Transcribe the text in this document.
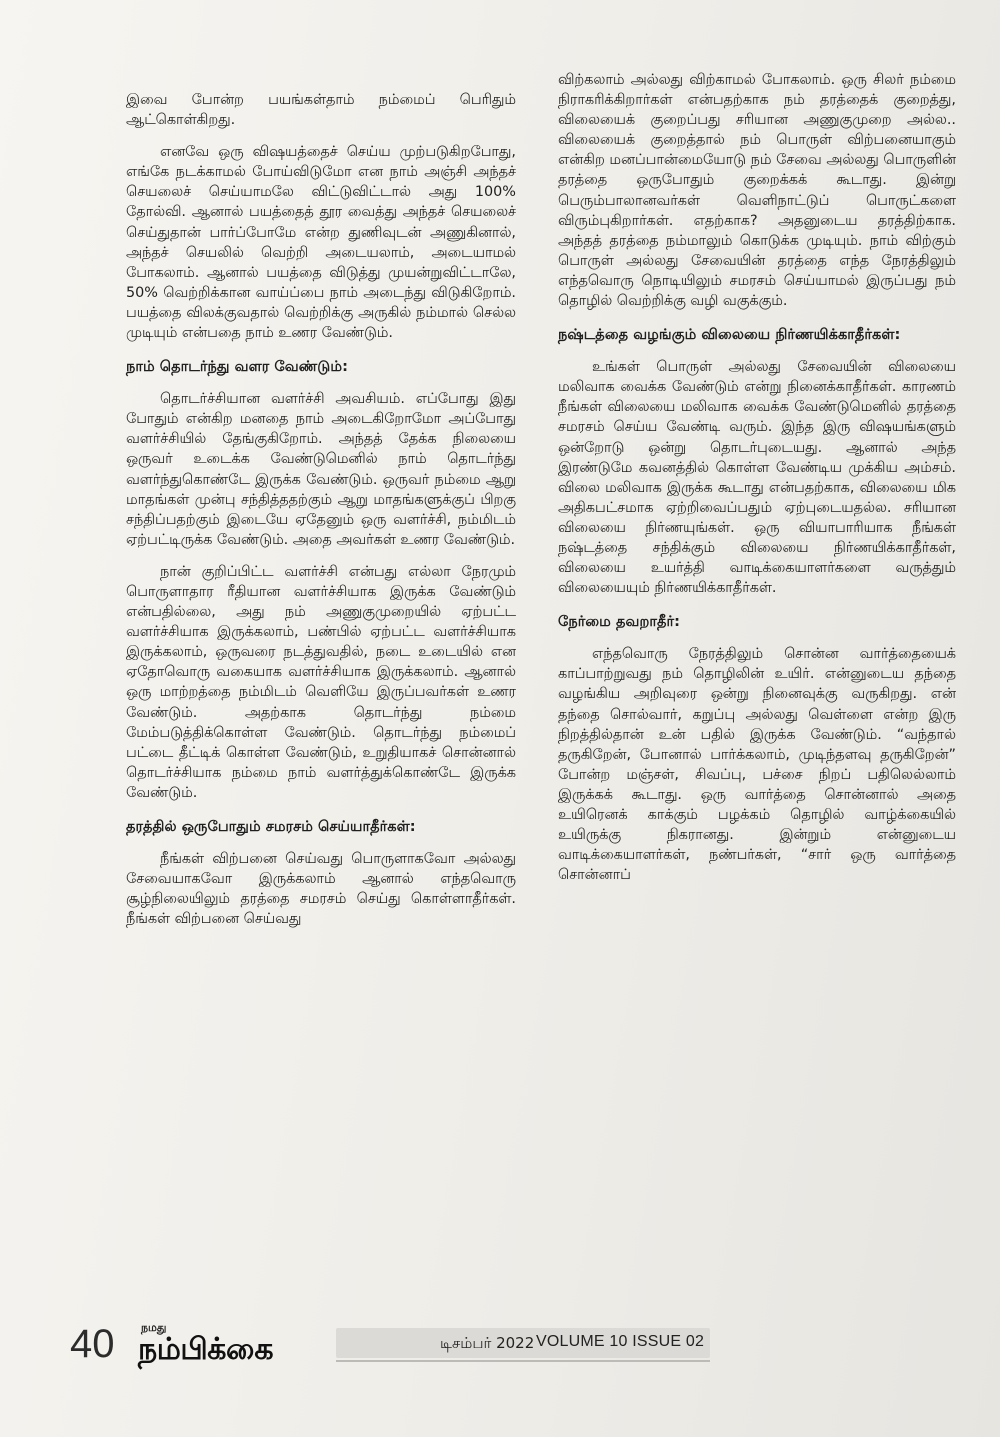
இவை போன்ற பயங்கள்தாம் நம்மைப் பெரிதும் ஆட்கொள்கிறது.

எனவே ஒரு விஷயத்தைச் செய்ய முற்படுகிறபோது, எங்கே நடக்காமல் போய்விடுமோ என நாம் அஞ்சி அந்தச் செயலைச் செய்யாமலே விட்டுவிட்டால் அது 100% தோல்வி. ஆனால் பயத்தைத் தூர வைத்து அந்தச் செயலைச் செய்துதான் பார்ப்போமே என்ற துணிவுடன் அணுகினால், அந்தச் செயலில் வெற்றி அடையலாம், அடையாமல் போகலாம். ஆனால் பயத்தை விடுத்து முயன்றுவிட்டாலே, 50% வெற்றிக்கான வாய்ப்பை நாம் அடைந்து விடுகிறோம். பயத்தை விலக்குவதால் வெற்றிக்கு அருகில் நம்மால் செல்ல முடியும் என்பதை நாம் உணர வேண்டும்.

நாம் தொடர்ந்து வளர வேண்டும்:

தொடர்ச்சியான வளர்ச்சி அவசியம். எப்போது இது போதும் என்கிற மனதை நாம் அடைகிறோமோ அப்போது வளர்ச்சியில் தேங்குகிறோம். அந்தத் தேக்க நிலையை ஒருவர் உடைக்க வேண்டுமெனில் நாம் தொடர்ந்து வளர்ந்துகொண்டே இருக்க வேண்டும். ஒருவர் நம்மை ஆறு மாதங்கள் முன்பு சந்தித்ததற்கும் ஆறு மாதங்களுக்குப் பிறகு சந்திப்பதற்கும் இடையே ஏதேனும் ஒரு வளர்ச்சி, நம்மிடம் ஏற்பட்டிருக்க வேண்டும். அதை அவர்கள் உணர வேண்டும்.

நான் குறிப்பிட்ட வளர்ச்சி என்பது எல்லா நேரமும் பொருளாதார ரீதியான வளர்ச்சியாக இருக்க வேண்டும் என்பதில்லை, அது நம் அணுகுமுறையில் ஏற்பட்ட வளர்ச்சியாக இருக்கலாம், பண்பில் ஏற்பட்ட வளர்ச்சியாக இருக்கலாம், ஒருவரை நடத்துவதில், நடை உடையில் என ஏதோவொரு வகையாக வளர்ச்சியாக இருக்கலாம். ஆனால் ஒரு மாற்றத்தை நம்மிடம் வெளியே இருப்பவர்கள் உணர வேண்டும். அதற்காக தொடர்ந்து நம்மை மேம்படுத்திக்கொள்ள வேண்டும். தொடர்ந்து நம்மைப் பட்டை தீட்டிக் கொள்ள வேண்டும், உறுதியாகச் சொன்னால் தொடர்ச்சியாக நம்மை நாம் வளர்த்துக்கொண்டே இருக்க வேண்டும்.

தரத்தில் ஒருபோதும் சமரசம் செய்யாதீர்கள்:

நீங்கள் விற்பனை செய்வது பொருளாகவோ அல்லது சேவையாகவோ இருக்கலாம் ஆனால் எந்தவொரு சூழ்நிலையிலும் தரத்தை சமரசம் செய்து கொள்ளாதீர்கள். நீங்கள் விற்பனை செய்வது

விற்கலாம் அல்லது விற்காமல் போகலாம். ஒரு சிலர் நம்மை நிராகரிக்கிறார்கள் என்பதற்காக நம் தரத்தைக் குறைத்து, விலையைக் குறைப்பது சரியான அணுகுமுறை அல்ல.. விலையைக் குறைத்தால் நம் பொருள் விற்பனையாகும் என்கிற மனப்பான்மையோடு நம் சேவை அல்லது பொருளின் தரத்தை ஒருபோதும் குறைக்கக் கூடாது. இன்று பெரும்பாலானவர்கள் வெளிநாட்டுப் பொருட்களை விரும்புகிறார்கள். எதற்காக? அதனுடைய தரத்திற்காக. அந்தத் தரத்தை நம்மாலும் கொடுக்க முடியும். நாம் விற்கும் பொருள் அல்லது சேவையின் தரத்தை எந்த நேரத்திலும் எந்தவொரு நொடியிலும் சமரசம் செய்யாமல் இருப்பது நம் தொழில் வெற்றிக்கு வழி வகுக்கும்.

நஷ்டத்தை வழங்கும் விலையை நிர்ணயிக்காதீர்கள்:

உங்கள் பொருள் அல்லது சேவையின் விலையை மலிவாக வைக்க வேண்டும் என்று நினைக்காதீர்கள். காரணம் நீங்கள் விலையை மலிவாக வைக்க வேண்டுமெனில் தரத்தை சமரசம் செய்ய வேண்டி வரும். இந்த இரு விஷயங்களும் ஒன்றோடு ஒன்று தொடர்புடையது. ஆனால் அந்த இரண்டுமே கவனத்தில் கொள்ள வேண்டிய முக்கிய அம்சம். விலை மலிவாக இருக்க கூடாது என்பதற்காக, விலையை மிக அதிகபட்சமாக ஏற்றிவைப்பதும் ஏற்புடையதல்ல. சரியான விலையை நிர்ணயுங்கள். ஒரு வியாபாரியாக நீங்கள் நஷ்டத்தை சந்திக்கும் விலையை நிர்ணயிக்காதீர்கள், விலையை உயர்த்தி வாடிக்கையாளர்களை வருத்தும் விலையையும் நிர்ணயிக்காதீர்கள்.

நேர்மை தவறாதீர்:

எந்தவொரு நேரத்திலும் சொன்ன வார்த்தையைக் காப்பாற்றுவது நம் தொழிலின் உயிர். என்னுடைய தந்தை வழங்கிய அறிவுரை ஒன்று நினைவுக்கு வருகிறது. என் தந்தை சொல்வார், கறுப்பு அல்லது வெள்ளை என்ற இரு நிறத்தில்தான் உன் பதில் இருக்க வேண்டும். “வந்தால் தருகிறேன், போனால் பார்க்கலாம், முடிந்தளவு தருகிறேன்” போன்ற மஞ்சள், சிவப்பு, பச்சை நிறப் பதிலெல்லாம் இருக்கக் கூடாது. ஒரு வார்த்தை சொன்னால் அதை உயிரெனக் காக்கும் பழக்கம் தொழில் வாழ்க்கையில் உயிருக்கு நிகரானது. இன்றும் என்னுடைய வாடிக்கையாளர்கள், நண்பர்கள், “சார் ஒரு வார்த்தை சொன்னாப்

40 நமது
நம்பிக்கை	டிசம்பர் 2022 VOLUME 10 ISSUE 02
